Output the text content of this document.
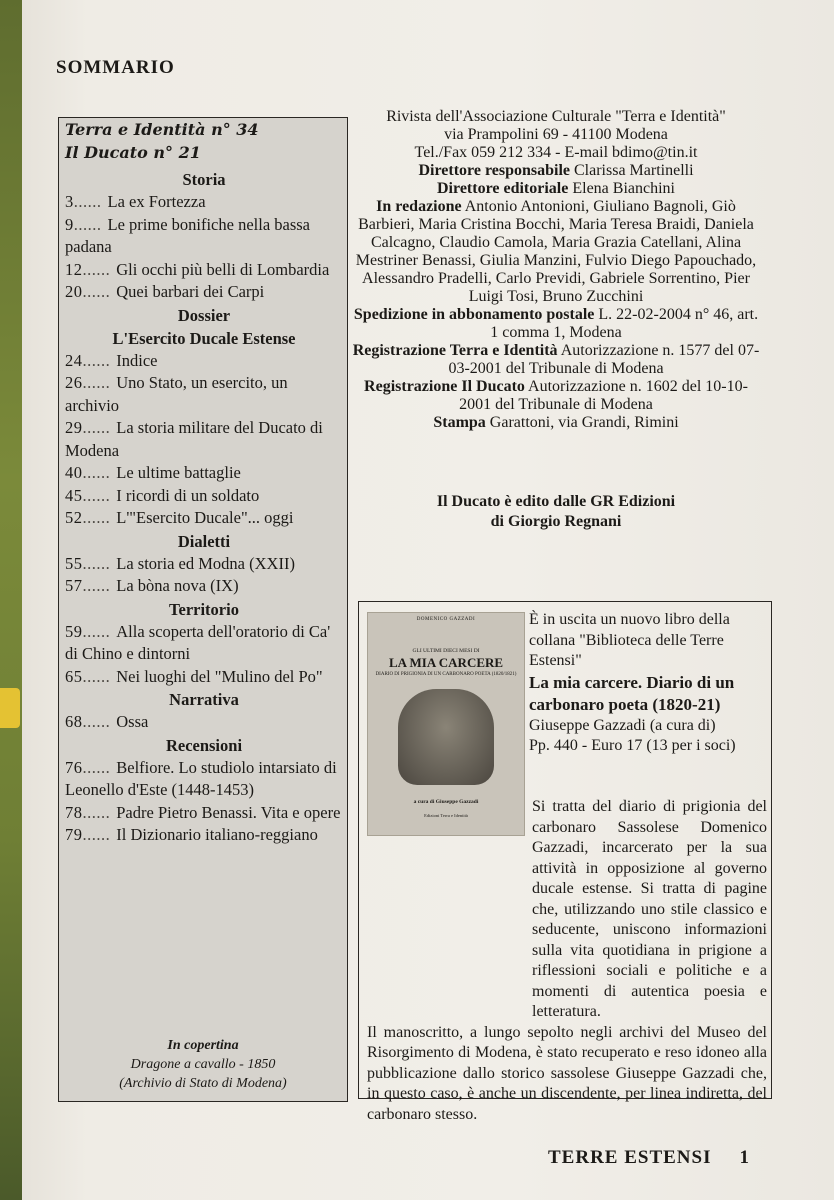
SOMMARIO
Terra e Identità n° 34
Il Ducato n° 21
Storia
3 ...... La ex Fortezza
9 ...... Le prime bonifiche nella bassa padana
12 ...... Gli occhi più belli di Lombardia
20 ...... Quei barbari dei Carpi
Dossier
L'Esercito Ducale Estense
24 ...... Indice
26 ...... Uno Stato, un esercito, un archivio
29 ...... La storia militare del Ducato di Modena
40 ...... Le ultime battaglie
45 ...... I ricordi di un soldato
52 ...... L'"Esercito Ducale"... oggi
Dialetti
55 ...... La storia ed Modna (XXII)
57 ...... La bòna nova (IX)
Territorio
59 ...... Alla scoperta dell'oratorio di Ca' di Chino e dintorni
65 ...... Nei luoghi del "Mulino del Po"
Narrativa
68 ...... Ossa
Recensioni
76 ...... Belfiore. Lo studiolo intarsiato di Leonello d'Este (1448-1453)
78 ...... Padre Pietro Benassi. Vita e opere
79 ...... Il Dizionario italiano-reggiano
In copertina
Dragone a cavallo - 1850
(Archivio di Stato di Modena)
Rivista dell'Associazione Culturale "Terra e Identità"
via Prampolini 69 - 41100 Modena
Tel./Fax 059 212 334 - E-mail bdimo@tin.it
Direttore responsabile Clarissa Martinelli
Direttore editoriale Elena Bianchini
In redazione Antonio Antonioni, Giuliano Bagnoli, Giò Barbieri, Maria Cristina Bocchi, Maria Teresa Braidi, Daniela Calcagno, Claudio Camola, Maria Grazia Catellani, Alina Mestriner Benassi, Giulia Manzini, Fulvio Diego Papouchado, Alessandro Pradelli, Carlo Previdi, Gabriele Sorrentino, Pier Luigi Tosi, Bruno Zucchini
Spedizione in abbonamento postale L. 22-02-2004 n° 46, art. 1 comma 1, Modena
Registrazione Terra e Identità Autorizzazione n. 1577 del 07-03-2001 del Tribunale di Modena
Registrazione Il Ducato Autorizzazione n. 1602 del 10-10-2001 del Tribunale di Modena
Stampa Garattoni, via Grandi, Rimini
Il Ducato è edito dalle GR Edizioni
di Giorgio Regnani
DOMENICO GAZZADI
GLI ULTIMI DIECI MESI DI
LA MIA CARCERE
DIARIO DI PRIGIONIA DI UN CARBONARO POETA (1820/1821)
a cura di Giuseppe Gazzadi
Edizioni Terra e Identità
È in uscita un nuovo libro della collana "Biblioteca delle Terre Estensi"
La mia carcere. Diario di un carbonaro poeta (1820-21)
Giuseppe Gazzadi (a cura di)
Pp. 440 - Euro 17 (13 per i soci)
Si tratta del diario di prigionia del carbonaro Sassolese Domenico Gazzadi, incarcerato per la sua attività in opposizione al governo ducale estense. Si tratta di pagine che, utilizzando uno stile classico e seducente, uniscono informazioni sulla vita quotidiana in prigione a riflessioni sociali e politiche e a momenti di autentica poesia e letteratura.
Il manoscritto, a lungo sepolto negli archivi del Museo del Risorgimento di Modena, è stato recuperato e reso idoneo alla pubblicazione dallo storico sassolese Giuseppe Gazzadi che, in questo caso, è anche un discendente, per linea indiretta, del carbonaro stesso.
TERRE ESTENSI 1
